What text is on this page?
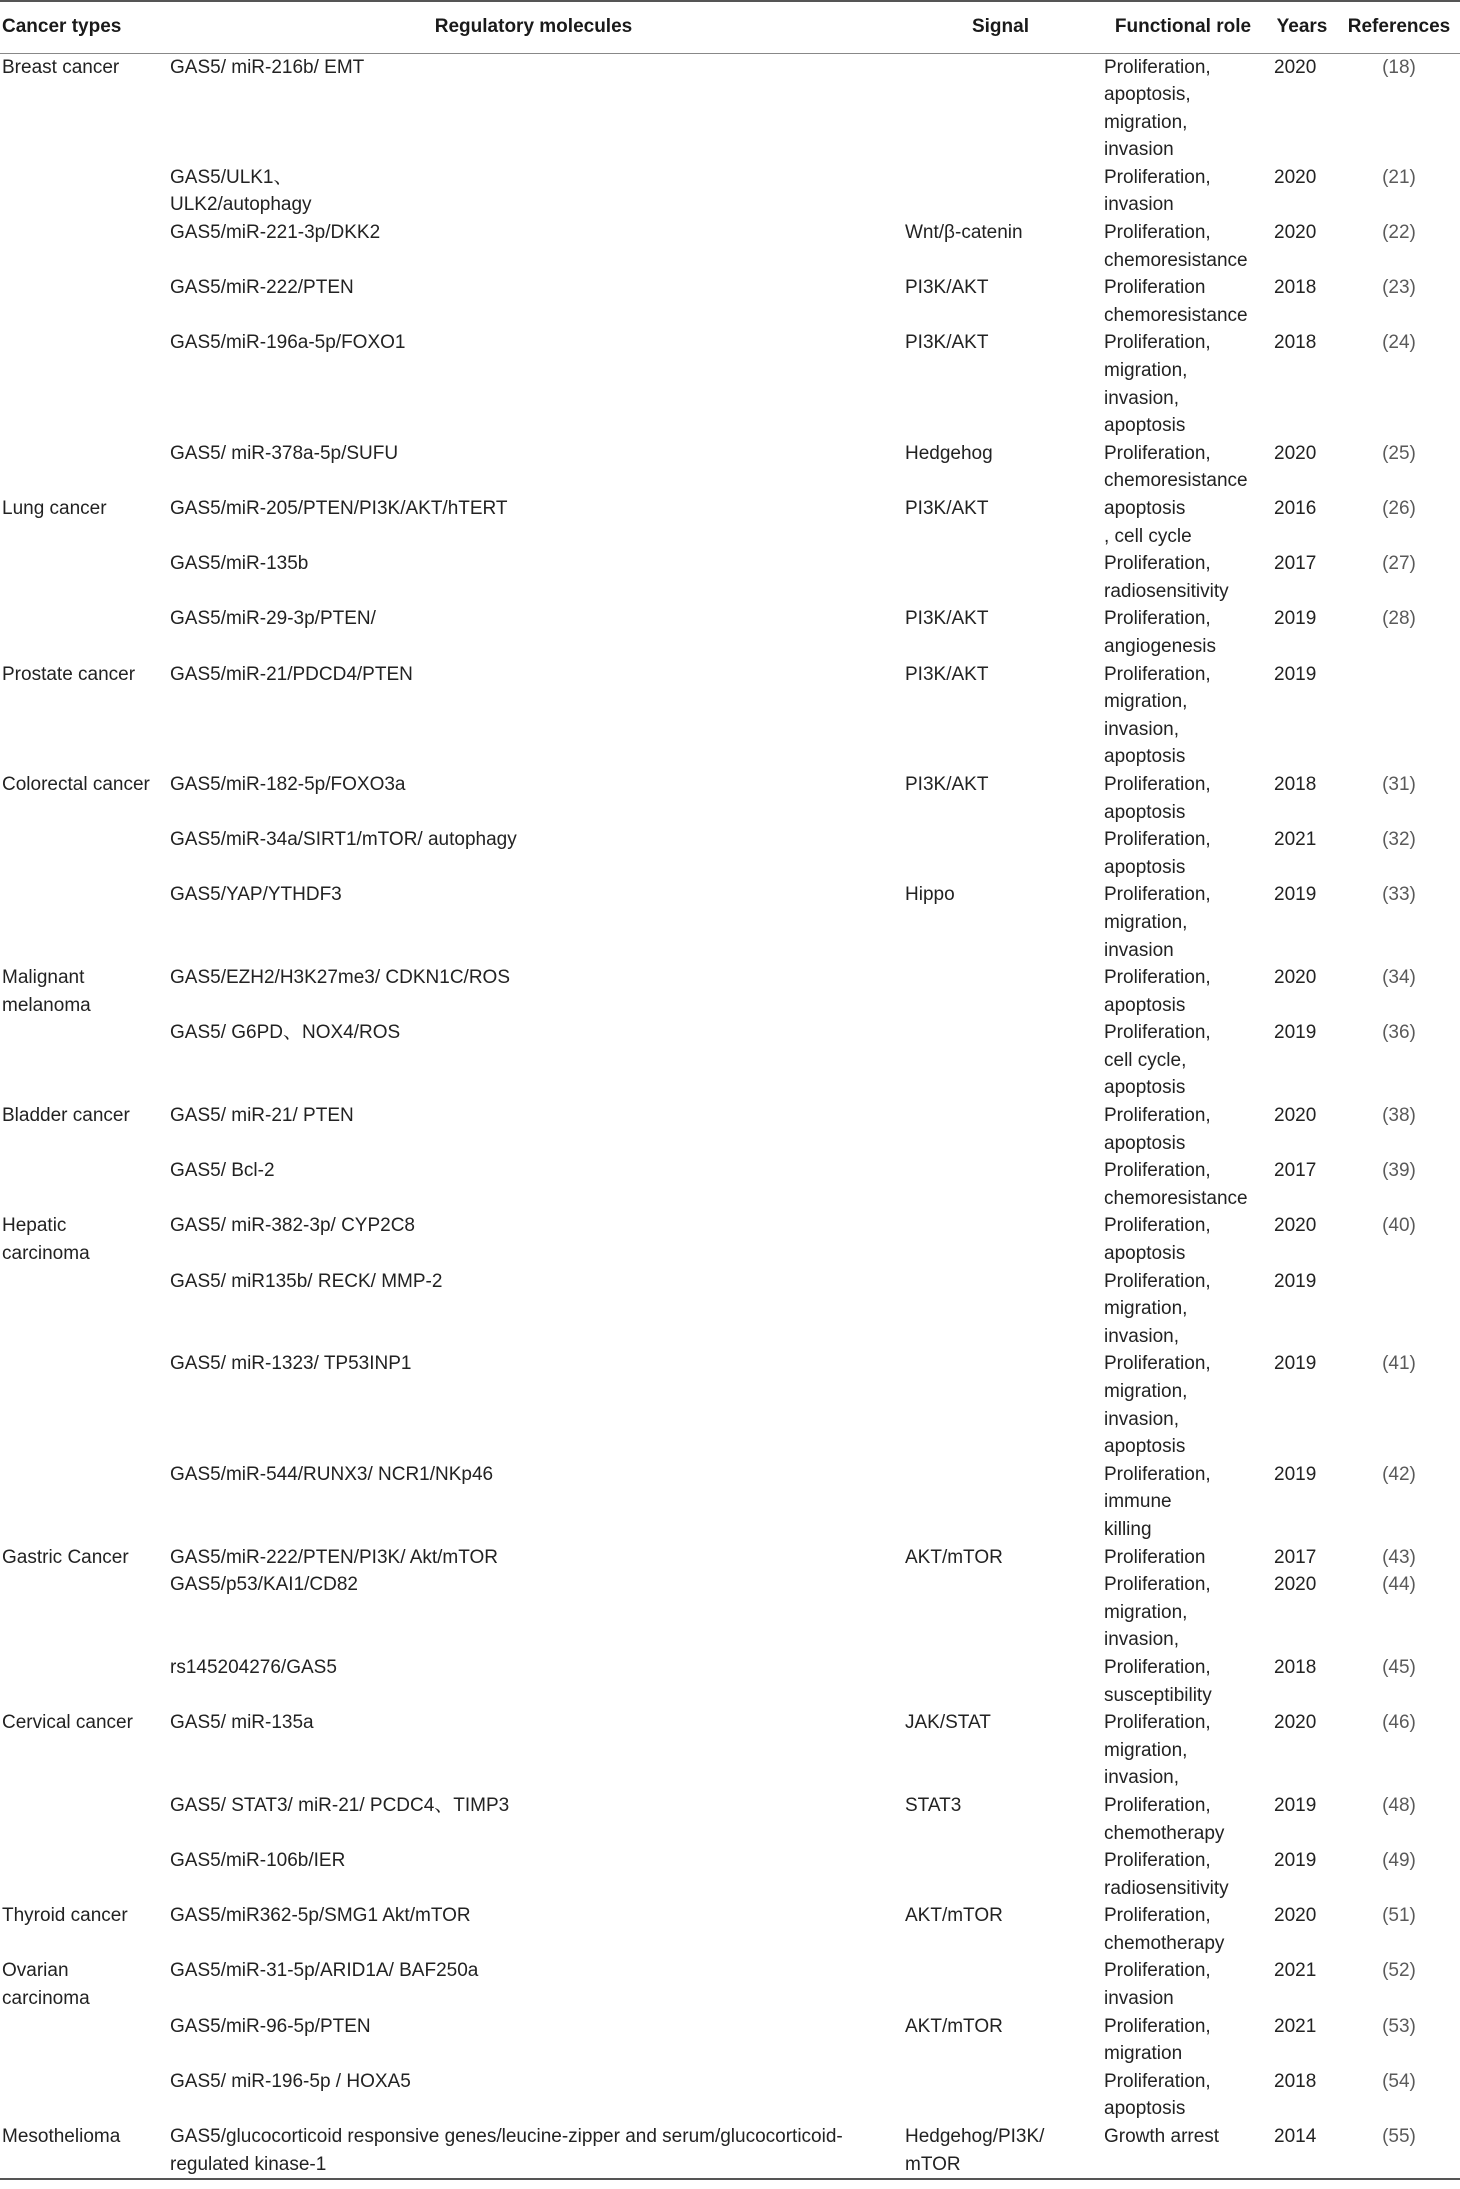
Cancer types	Regulatory molecules	Signal	Functional role	Years	References
Breast cancer	GAS5/ miR-216b/ EMT		Proliferation,
apoptosis,
migration,
invasion	2020	(18)
	GAS5/ULK1、
ULK2/autophagy		Proliferation,
invasion	2020	(21)
	GAS5/miR-221-3p/DKK2	Wnt/β-catenin	Proliferation,
chemoresistance	2020	(22)
	GAS5/miR-222/PTEN	PI3K/AKT	Proliferation
chemoresistance	2018	(23)
	GAS5/miR-196a-5p/FOXO1	PI3K/AKT	Proliferation,
migration,
invasion,
apoptosis	2018	(24)
	GAS5/ miR-378a-5p/SUFU	Hedgehog	Proliferation,
chemoresistance	2020	(25)
Lung cancer	GAS5/miR-205/PTEN/PI3K/AKT/hTERT	PI3K/AKT	apoptosis
, cell cycle	2016	(26)
	GAS5/miR-135b		Proliferation,
radiosensitivity	2017	(27)
	GAS5/miR-29-3p/PTEN/	PI3K/AKT	Proliferation,
angiogenesis	2019	(28)
Prostate cancer	GAS5/miR-21/PDCD4/PTEN	PI3K/AKT	Proliferation,
migration,
invasion,
apoptosis	2019	
Colorectal cancer	GAS5/miR-182-5p/FOXO3a	PI3K/AKT	Proliferation,
apoptosis	2018	(31)
	GAS5/miR-34a/SIRT1/mTOR/ autophagy		Proliferation,
apoptosis	2021	(32)
	GAS5/YAP/YTHDF3	Hippo	Proliferation,
migration,
invasion	2019	(33)
Malignant
melanoma	GAS5/EZH2/H3K27me3/ CDKN1C/ROS		Proliferation,
apoptosis	2020	(34)
	GAS5/ G6PD、NOX4/ROS		Proliferation,
cell cycle,
apoptosis	2019	(36)
Bladder cancer	GAS5/ miR-21/ PTEN		Proliferation,
apoptosis	2020	(38)
	GAS5/ Bcl-2		Proliferation,
chemoresistance	2017	(39)
Hepatic
carcinoma	GAS5/ miR-382-3p/ CYP2C8		Proliferation,
apoptosis	2020	(40)
	GAS5/ miR135b/ RECK/ MMP-2		Proliferation,
migration,
invasion,	2019	
	GAS5/ miR-1323/ TP53INP1		Proliferation,
migration,
invasion,
apoptosis	2019	(41)
	GAS5/miR-544/RUNX3/ NCR1/NKp46		Proliferation,
immune
killing	2019	(42)
Gastric Cancer	GAS5/miR-222/PTEN/PI3K/ Akt/mTOR	AKT/mTOR	Proliferation	2017	(43)
	GAS5/p53/KAI1/CD82		Proliferation,
migration,
invasion,	2020	(44)
	rs145204276/GAS5		Proliferation,
susceptibility	2018	(45)
Cervical cancer	GAS5/ miR-135a	JAK/STAT	Proliferation,
migration,
invasion,	2020	(46)
	GAS5/ STAT3/ miR-21/ PCDC4、TIMP3	STAT3	Proliferation,
chemotherapy	2019	(48)
	GAS5/miR-106b/IER		Proliferation,
radiosensitivity	2019	(49)
Thyroid cancer	GAS5/miR362-5p/SMG1 Akt/mTOR	AKT/mTOR	Proliferation,
chemotherapy	2020	(51)
Ovarian
carcinoma	GAS5/miR-31-5p/ARID1A/ BAF250a		Proliferation,
invasion	2021	(52)
	GAS5/miR-96-5p/PTEN	AKT/mTOR	Proliferation,
migration	2021	(53)
	GAS5/ miR-196-5p / HOXA5		Proliferation,
apoptosis	2018	(54)
Mesothelioma	GAS5/glucocorticoid responsive genes/leucine-zipper and serum/glucocorticoid-
regulated kinase-1	Hedgehog/PI3K/
mTOR	Growth arrest	2014	(55)
